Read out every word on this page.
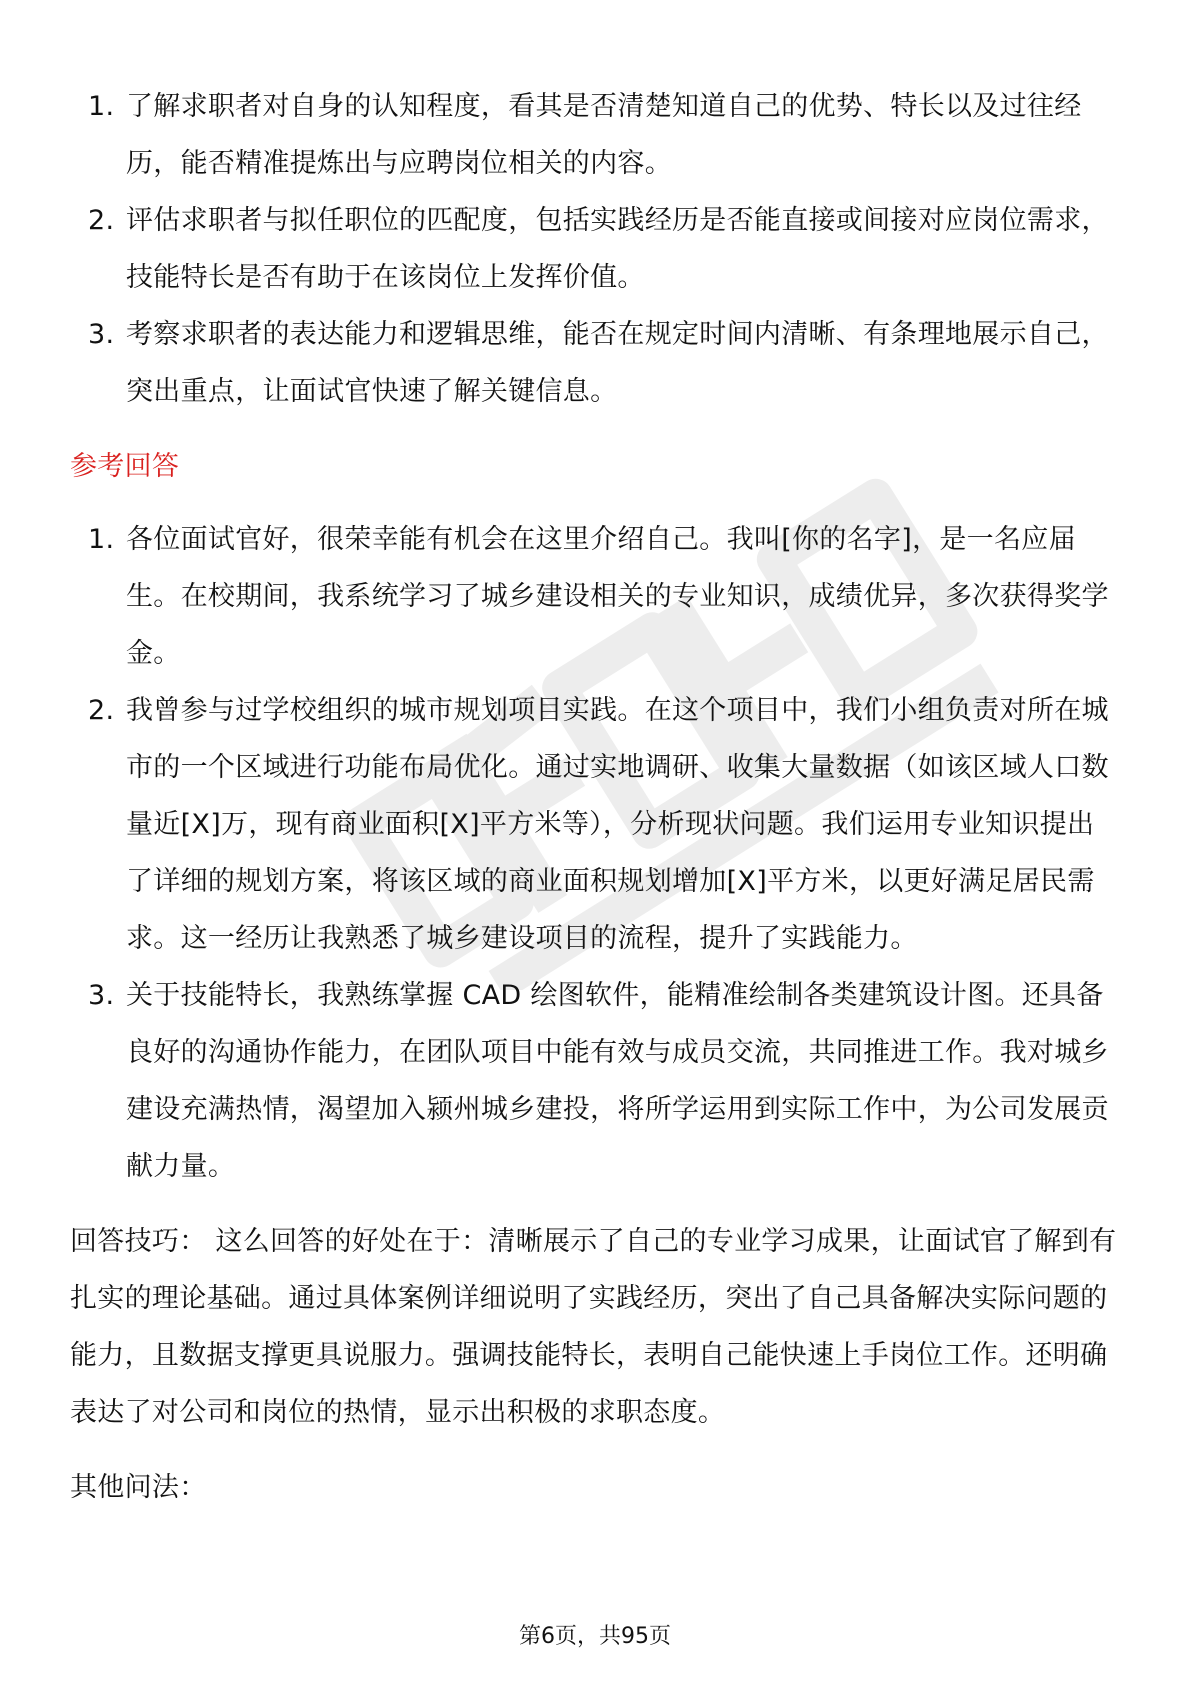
1. 了解求职者对自身的认知程度，看其是否清楚知道自己的优势、特长以及过往经历，能否精准提炼出与应聘岗位相关的内容。
2. 评估求职者与拟任职位的匹配度，包括实践经历是否能直接或间接对应岗位需求，技能特长是否有助于在该岗位上发挥价值。
3. 考察求职者的表达能力和逻辑思维，能否在规定时间内清晰、有条理地展示自己，突出重点，让面试官快速了解关键信息。
参考回答
1. 各位面试官好，很荣幸能有机会在这里介绍自己。我叫[你的名字]，是一名应届生。在校期间，我系统学习了城乡建设相关的专业知识，成绩优异，多次获得奖学金。
2. 我曾参与过学校组织的城市规划项目实践。在这个项目中，我们小组负责对所在城市的一个区域进行功能布局优化。通过实地调研、收集大量数据（如该区域人口数量近[X]万，现有商业面积[X]平方米等），分析现状问题。我们运用专业知识提出了详细的规划方案，将该区域的商业面积规划增加[X]平方米，以更好满足居民需求。这一经历让我熟悉了城乡建设项目的流程，提升了实践能力。
3. 关于技能特长，我熟练掌握 CAD 绘图软件，能精准绘制各类建筑设计图。还具备良好的沟通协作能力，在团队项目中能有效与成员交流，共同推进工作。我对城乡建设充满热情，渴望加入颍州城乡建投，将所学运用到实际工作中，为公司发展贡献力量。
回答技巧： 这么回答的好处在于：清晰展示了自己的专业学习成果，让面试官了解到有扎实的理论基础。通过具体案例详细说明了实践经历，突出了自己具备解决实际问题的能力，且数据支撑更具说服力。强调技能特长，表明自己能快速上手岗位工作。还明确表达了对公司和岗位的热情，显示出积极的求职态度。
其他问法：
第6页，共95页
